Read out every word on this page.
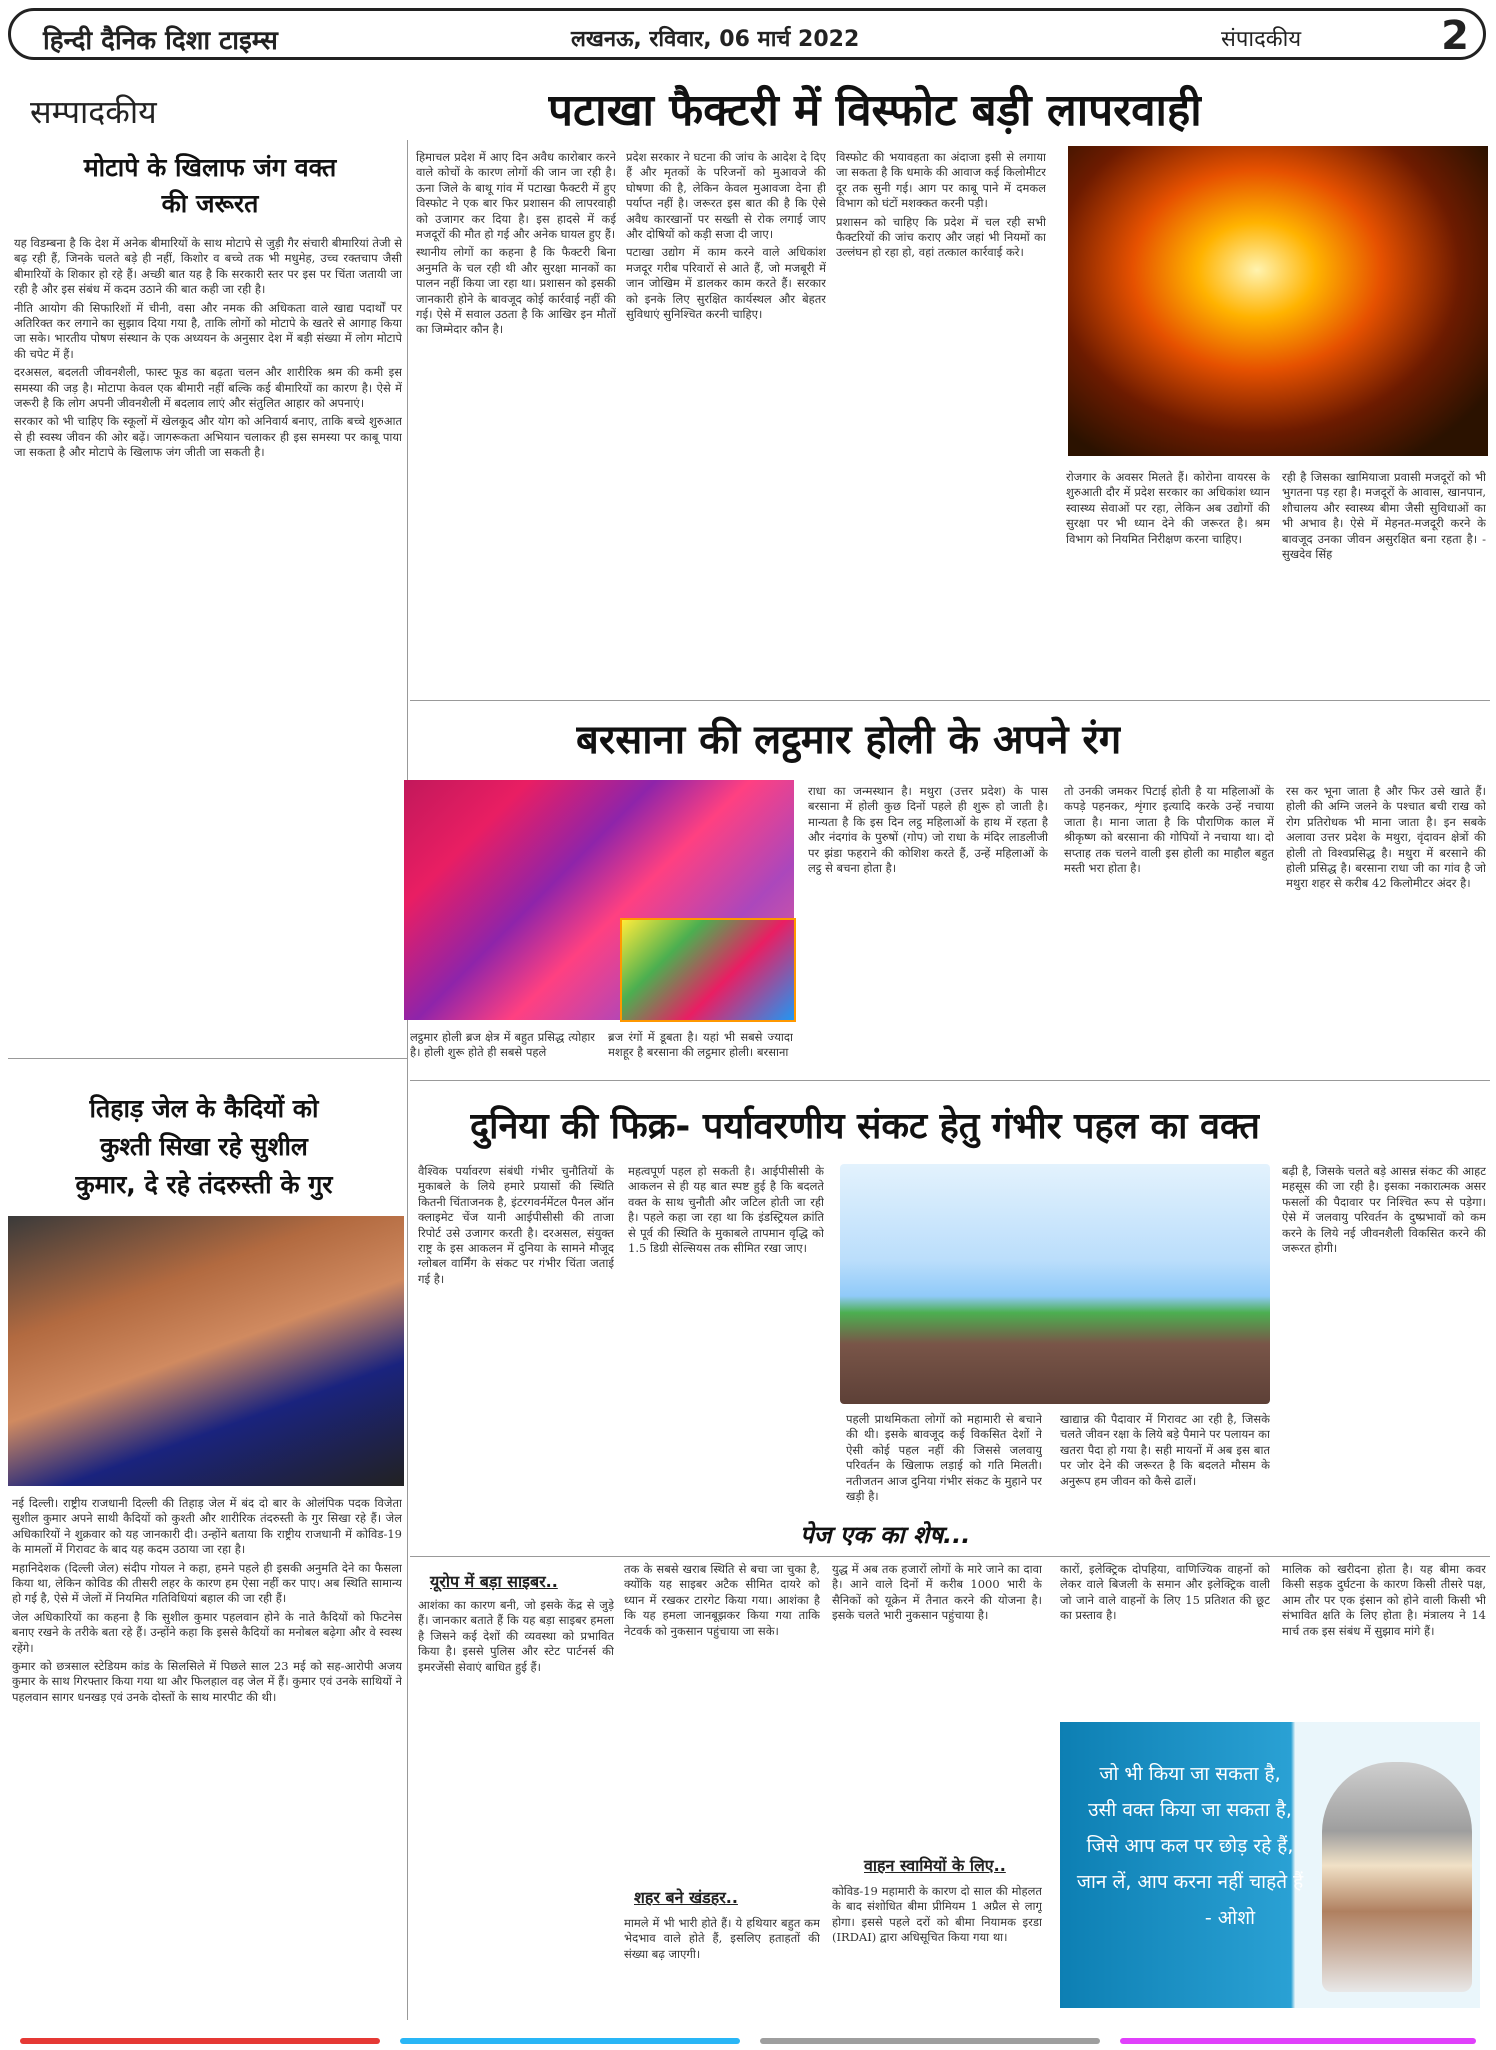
हिन्दी दैनिक दिशा टाइम्स	लखनऊ, रविवार, 06 मार्च 2022	संपादकीय	2
सम्पादकीय
मोटापे के खिलाफ जंग वक्त
की जरूरत

यह विडम्बना है कि देश में अनेक बीमारियों के साथ मोटापे से जुड़ी गैर संचारी बीमारियां तेजी से बढ़ रही हैं, जिनके चलते बड़े ही नहीं, किशोर व बच्चे तक भी मधुमेह, उच्च रक्तचाप जैसी बीमारियों के शिकार हो रहे हैं। अच्छी बात यह है कि सरकारी स्तर पर इस पर चिंता जतायी जा रही है और इस संबंध में कदम उठाने की बात कही जा रही है।

नीति आयोग की सिफारिशों में चीनी, वसा और नमक की अधिकता वाले खाद्य पदार्थों पर अतिरिक्त कर लगाने का सुझाव दिया गया है, ताकि लोगों को मोटापे के खतरे से आगाह किया जा सके। भारतीय पोषण संस्थान के एक अध्ययन के अनुसार देश में बड़ी संख्या में लोग मोटापे की चपेट में हैं।

दरअसल, बदलती जीवनशैली, फास्ट फूड का बढ़ता चलन और शारीरिक श्रम की कमी इस समस्या की जड़ है। मोटापा केवल एक बीमारी नहीं बल्कि कई बीमारियों का कारण है। ऐसे में जरूरी है कि लोग अपनी जीवनशैली में बदलाव लाएं और संतुलित आहार को अपनाएं।

सरकार को भी चाहिए कि स्कूलों में खेलकूद और योग को अनिवार्य बनाए, ताकि बच्चे शुरुआत से ही स्वस्थ जीवन की ओर बढ़ें। जागरूकता अभियान चलाकर ही इस समस्या पर काबू पाया जा सकता है और मोटापे के खिलाफ जंग जीती जा सकती है।

पटाखा फैक्टरी में विस्फोट बड़ी लापरवाही

हिमाचल प्रदेश में आए दिन अवैध कारोबार करने वाले कोचों के कारण लोगों की जान जा रही है। ऊना जिले के बाथू गांव में पटाखा फैक्टरी में हुए विस्फोट ने एक बार फिर प्रशासन की लापरवाही को उजागर कर दिया है। इस हादसे में कई मजदूरों की मौत हो गई और अनेक घायल हुए हैं।

स्थानीय लोगों का कहना है कि फैक्टरी बिना अनुमति के चल रही थी और सुरक्षा मानकों का पालन नहीं किया जा रहा था। प्रशासन को इसकी जानकारी होने के बावजूद कोई कार्रवाई नहीं की गई। ऐसे में सवाल उठता है कि आखिर इन मौतों का जिम्मेदार कौन है।

प्रदेश सरकार ने घटना की जांच के आदेश दे दिए हैं और मृतकों के परिजनों को मुआवजे की घोषणा की है, लेकिन केवल मुआवजा देना ही पर्याप्त नहीं है। जरूरत इस बात की है कि ऐसे अवैध कारखानों पर सख्ती से रोक लगाई जाए और दोषियों को कड़ी सजा दी जाए।

पटाखा उद्योग में काम करने वाले अधिकांश मजदूर गरीब परिवारों से आते हैं, जो मजबूरी में जान जोखिम में डालकर काम करते हैं। सरकार को इनके लिए सुरक्षित कार्यस्थल और बेहतर सुविधाएं सुनिश्चित करनी चाहिए।

विस्फोट की भयावहता का अंदाजा इसी से लगाया जा सकता है कि धमाके की आवाज कई किलोमीटर दूर तक सुनी गई। आग पर काबू पाने में दमकल विभाग को घंटों मशक्कत करनी पड़ी।

प्रशासन को चाहिए कि प्रदेश में चल रही सभी फैक्टरियों की जांच कराए और जहां भी नियमों का उल्लंघन हो रहा हो, वहां तत्काल कार्रवाई करे।

रोजगार के अवसर मिलते हैं। कोरोना वायरस के शुरुआती दौर में प्रदेश सरकार का अधिकांश ध्यान स्वास्थ्य सेवाओं पर रहा, लेकिन अब उद्योगों की सुरक्षा पर भी ध्यान देने की जरूरत है। श्रम विभाग को नियमित निरीक्षण करना चाहिए।

रही है जिसका खामियाजा प्रवासी मजदूरों को भी भुगतना पड़ रहा है। मजदूरों के आवास, खानपान, शौचालय और स्वास्थ्य बीमा जैसी सुविधाओं का भी अभाव है। ऐसे में मेहनत-मजदूरी करने के बावजूद उनका जीवन असुरक्षित बना रहता है। - सुखदेव सिंह

बरसाना की लट्ठमार होली के अपने रंग
लट्ठमार होली ब्रज क्षेत्र में बहुत प्रसिद्ध त्योहार है। होली शुरू होते ही सबसे पहले
ब्रज रंगों में डूबता है। यहां भी सबसे ज्यादा मशहूर है बरसाना की लट्ठमार होली। बरसाना

राधा का जन्मस्थान है। मथुरा (उत्तर प्रदेश) के पास बरसाना में होली कुछ दिनों पहले ही शुरू हो जाती है। मान्यता है कि इस दिन लट्ठ महिलाओं के हाथ में रहता है और नंदगांव के पुरुषों (गोप) जो राधा के मंदिर लाडलीजी पर झंडा फहराने की कोशिश करते हैं, उन्हें महिलाओं के लट्ठ से बचना होता है।

तो उनकी जमकर पिटाई होती है या महिलाओं के कपड़े पहनकर, शृंगार इत्यादि करके उन्हें नचाया जाता है। माना जाता है कि पौराणिक काल में श्रीकृष्ण को बरसाना की गोपियों ने नचाया था। दो सप्ताह तक चलने वाली इस होली का माहौल बहुत मस्ती भरा होता है।

रस कर भूना जाता है और फिर उसे खाते हैं। होली की अग्नि जलने के पश्चात बची राख को रोग प्रतिरोधक भी माना जाता है। इन सबके अलावा उत्तर प्रदेश के मथुरा, वृंदावन क्षेत्रों की होली तो विश्वप्रसिद्ध है। मथुरा में बरसाने की होली प्रसिद्ध है। बरसाना राधा जी का गांव है जो मथुरा शहर से करीब 42 किलोमीटर अंदर है।

तिहाड़ जेल के कैदियों को
कुश्ती सिखा रहे सुशील
कुमार, दे रहे तंदरुस्ती के गुर

नई दिल्ली। राष्ट्रीय राजधानी दिल्ली की तिहाड़ जेल में बंद दो बार के ओलंपिक पदक विजेता सुशील कुमार अपने साथी कैदियों को कुश्ती और शारीरिक तंदरुस्ती के गुर सिखा रहे हैं। जेल अधिकारियों ने शुक्रवार को यह जानकारी दी। उन्होंने बताया कि राष्ट्रीय राजधानी में कोविड-19 के मामलों में गिरावट के बाद यह कदम उठाया जा रहा है।

महानिदेशक (दिल्ली जेल) संदीप गोयल ने कहा, हमने पहले ही इसकी अनुमति देने का फैसला किया था, लेकिन कोविड की तीसरी लहर के कारण हम ऐसा नहीं कर पाए। अब स्थिति सामान्य हो गई है, ऐसे में जेलों में नियमित गतिविधियां बहाल की जा रही हैं।

जेल अधिकारियों का कहना है कि सुशील कुमार पहलवान होने के नाते कैदियों को फिटनेस बनाए रखने के तरीके बता रहे हैं। उन्होंने कहा कि इससे कैदियों का मनोबल बढ़ेगा और वे स्वस्थ रहेंगे।

कुमार को छत्रसाल स्टेडियम कांड के सिलसिले में पिछले साल 23 मई को सह-आरोपी अजय कुमार के साथ गिरफ्तार किया गया था और फिलहाल वह जेल में हैं। कुमार एवं उनके साथियों ने पहलवान सागर धनखड़ एवं उनके दोस्तों के साथ मारपीट की थी।

दुनिया की फिक्र- पर्यावरणीय संकट हेतु गंभीर पहल का वक्त

वैश्विक पर्यावरण संबंधी गंभीर चुनौतियों के मुकाबले के लिये हमारे प्रयासों की स्थिति कितनी चिंताजनक है, इंटरगवर्नमेंटल पैनल ऑन क्लाइमेट चेंज यानी आईपीसीसी की ताजा रिपोर्ट उसे उजागर करती है। दरअसल, संयुक्त राष्ट्र के इस आकलन में दुनिया के सामने मौजूद ग्लोबल वार्मिंग के संकट पर गंभीर चिंता जताई गई है।

महत्वपूर्ण पहल हो सकती है। आईपीसीसी के आकलन से ही यह बात स्पष्ट हुई है कि बदलते वक्त के साथ चुनौती और जटिल होती जा रही है। पहले कहा जा रहा था कि इंडस्ट्रियल क्रांति से पूर्व की स्थिति के मुकाबले तापमान वृद्धि को 1.5 डिग्री सेल्सियस तक सीमित रखा जाए।

पहली प्राथमिकता लोगों को महामारी से बचाने की थी। इसके बावजूद कई विकसित देशों ने ऐसी कोई पहल नहीं की जिससे जलवायु परिवर्तन के खिलाफ लड़ाई को गति मिलती। नतीजतन आज दुनिया गंभीर संकट के मुहाने पर खड़ी है।

खाद्यान्न की पैदावार में गिरावट आ रही है, जिसके चलते जीवन रक्षा के लिये बड़े पैमाने पर पलायन का खतरा पैदा हो गया है। सही मायनों में अब इस बात पर जोर देने की जरूरत है कि बदलते मौसम के अनुरूप हम जीवन को कैसे ढालें।

बढ़ी है, जिसके चलते बड़े आसन्न संकट की आहट महसूस की जा रही है। इसका नकारात्मक असर फसलों की पैदावार पर निश्चित रूप से पड़ेगा। ऐसे में जलवायु परिवर्तन के दुष्प्रभावों को कम करने के लिये नई जीवनशैली विकसित करने की जरूरत होगी।

पेज एक का शेष...
यूरोप में बड़ा साइबर..

आशंका का कारण बनी, जो इसके केंद्र से जुड़े हैं। जानकार बताते हैं कि यह बड़ा साइबर हमला है जिसने कई देशों की व्यवस्था को प्रभावित किया है। इससे पुलिस और स्टेट पार्टनर्स की इमरजेंसी सेवाएं बाधित हुई हैं।

तक के सबसे खराब स्थिति से बचा जा चुका है, क्योंकि यह साइबर अटैक सीमित दायरे को ध्यान में रखकर टारगेट किया गया। आशंका है कि यह हमला जानबूझकर किया गया ताकि नेटवर्क को नुकसान पहुंचाया जा सके।

शहर बने खंडहर..

मामले में भी भारी होते हैं। ये हथियार बहुत कम भेदभाव वाले होते हैं, इसलिए हताहतों की संख्या बढ़ जाएगी।

युद्ध में अब तक हजारों लोगों के मारे जाने का दावा है। आने वाले दिनों में करीब 1000 भारी के सैनिकों को यूक्रेन में तैनात करने की योजना है। इसके चलते भारी नुकसान पहुंचाया है।

वाहन स्वामियों के लिए..

कोविड-19 महामारी के कारण दो साल की मोहलत के बाद संशोधित बीमा प्रीमियम 1 अप्रैल से लागू होगा। इससे पहले दरों को बीमा नियामक इरडा (IRDAI) द्वारा अधिसूचित किया गया था।

कारों, इलेक्ट्रिक दोपहिया, वाणिज्यिक वाहनों को लेकर वाले बिजली के समान और इलेक्ट्रिक वाली जो जाने वाले वाहनों के लिए 15 प्रतिशत की छूट का प्रस्ताव है।

मालिक को खरीदना होता है। यह बीमा कवर किसी सड़क दुर्घटना के कारण किसी तीसरे पक्ष, आम तौर पर एक इंसान को होने वाली किसी भी संभावित क्षति के लिए होता है। मंत्रालय ने 14 मार्च तक इस संबंध में सुझाव मांगे हैं।

जो भी किया जा सकता है,
उसी वक्त किया जा सकता है,
जिसे आप कल पर छोड़ रहे हैं,
जान लें, आप करना नहीं चाहते हैं
- ओशो
